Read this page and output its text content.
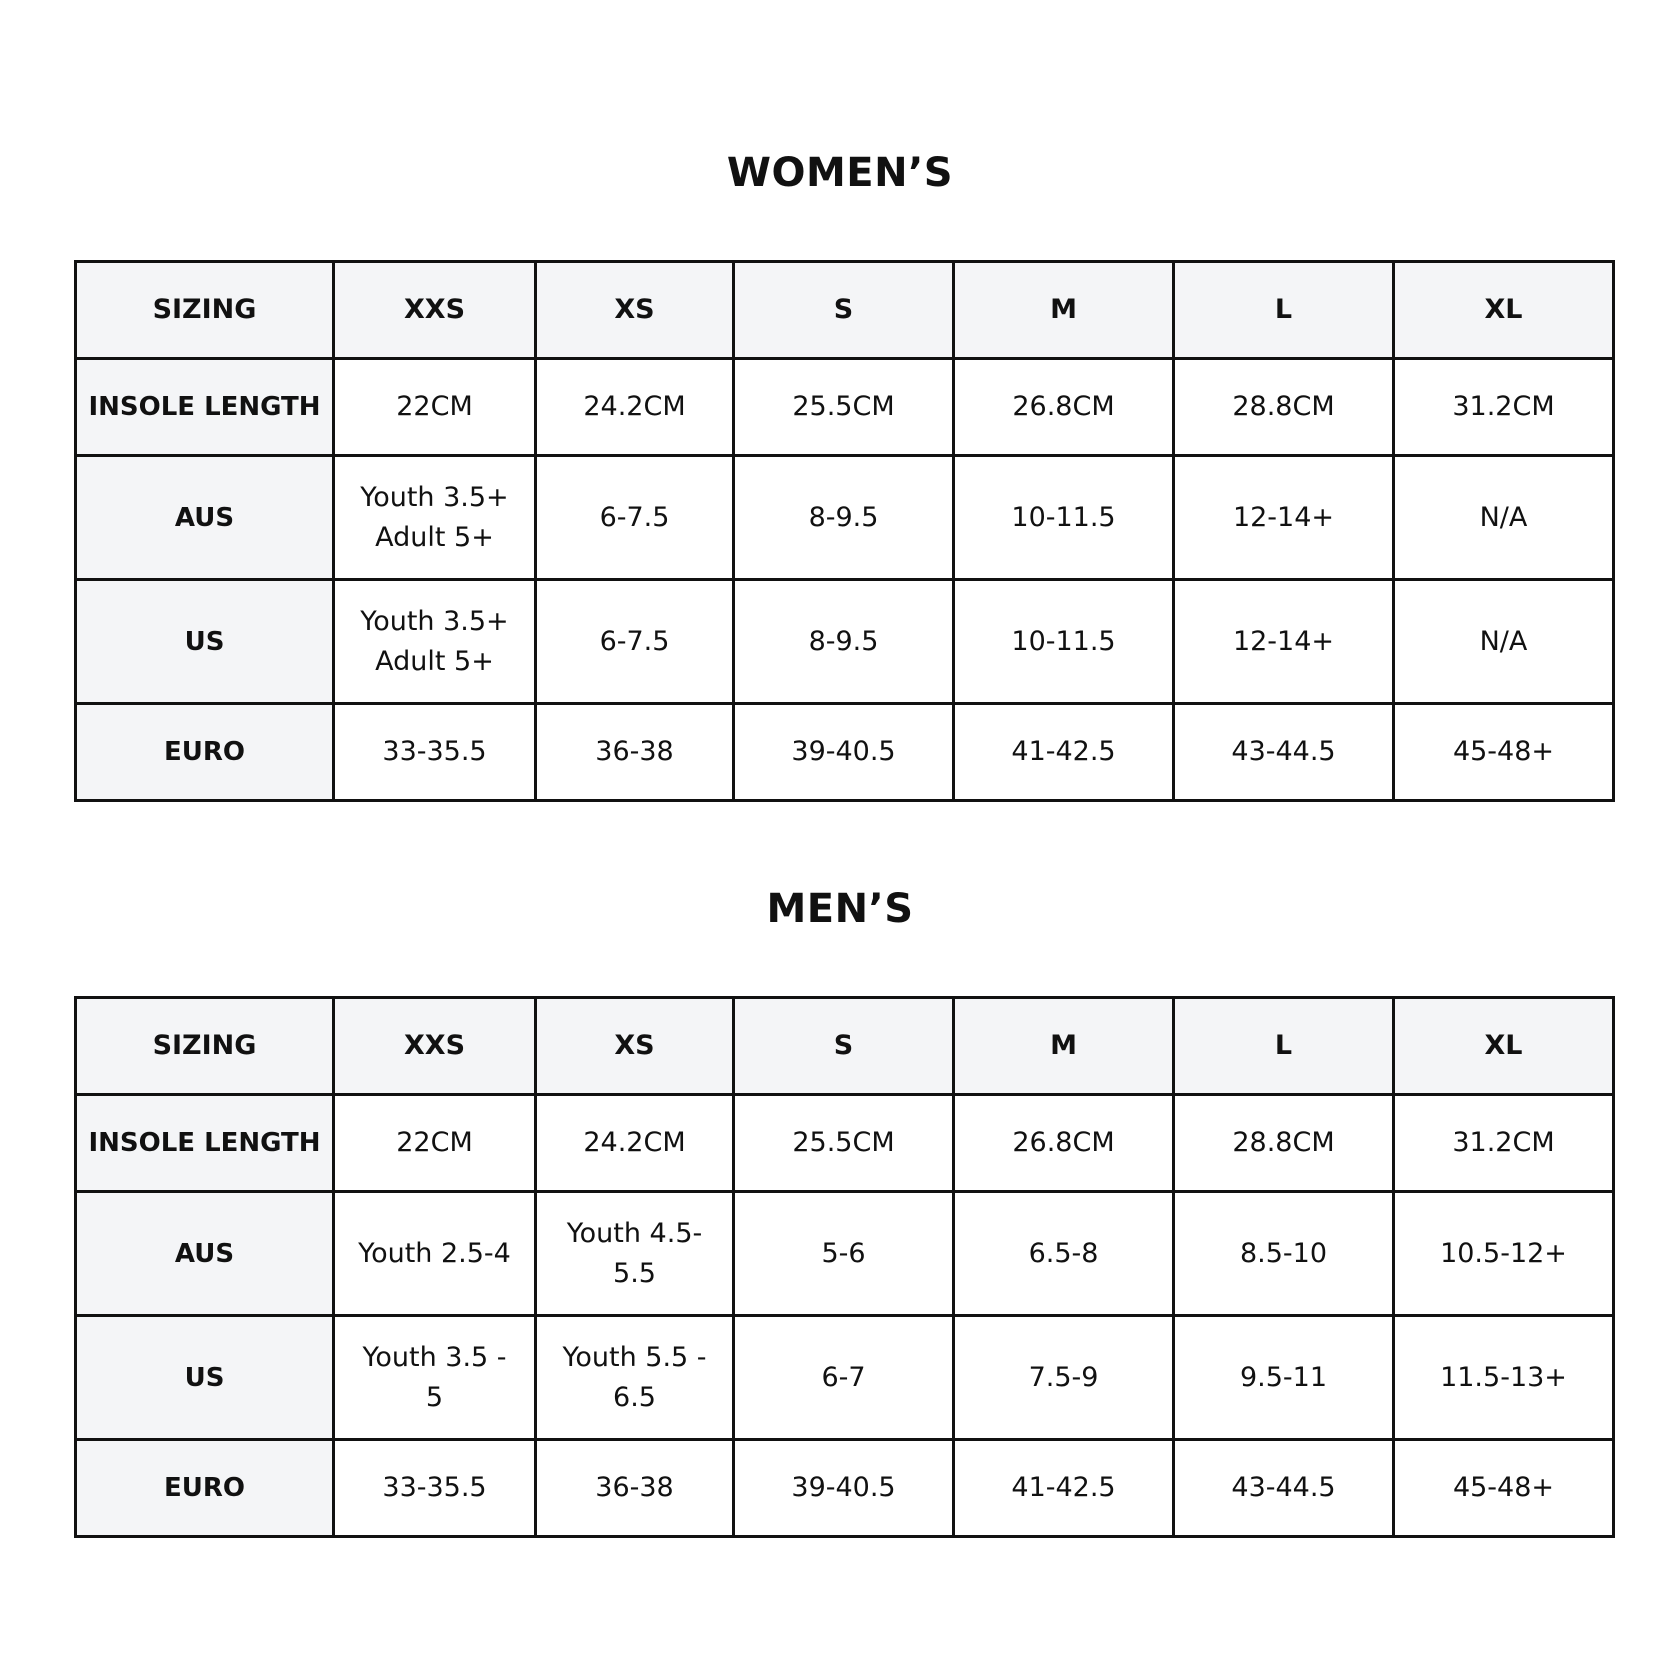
WOMEN’S
SIZING	XXS	XS	S	M	L	XL
INSOLE LENGTH	22CM	24.2CM	25.5CM	26.8CM	28.8CM	31.2CM

AUS	Youth 3.5+
Adult 5+	6-7.5	8-9.5	10-11.5	12-14+	N/A

US	Youth 3.5+
Adult 5+	6-7.5	8-9.5	10-11.5	12-14+	N/A

EURO	33-35.5	36-38	39-40.5	41-42.5	43-44.5	45-48+
MEN’S
SIZING	XXS	XS	S	M	L	XL
INSOLE LENGTH	22CM	24.2CM	25.5CM	26.8CM	28.8CM	31.2CM

AUS	Youth 2.5-4	Youth 4.5-
5.5	5-6	6.5-8	8.5-10	10.5-12+

US	Youth 3.5 -
5	Youth 5.5 -
6.5	6-7	7.5-9	9.5-11	11.5-13+

EURO	33-35.5	36-38	39-40.5	41-42.5	43-44.5	45-48+
